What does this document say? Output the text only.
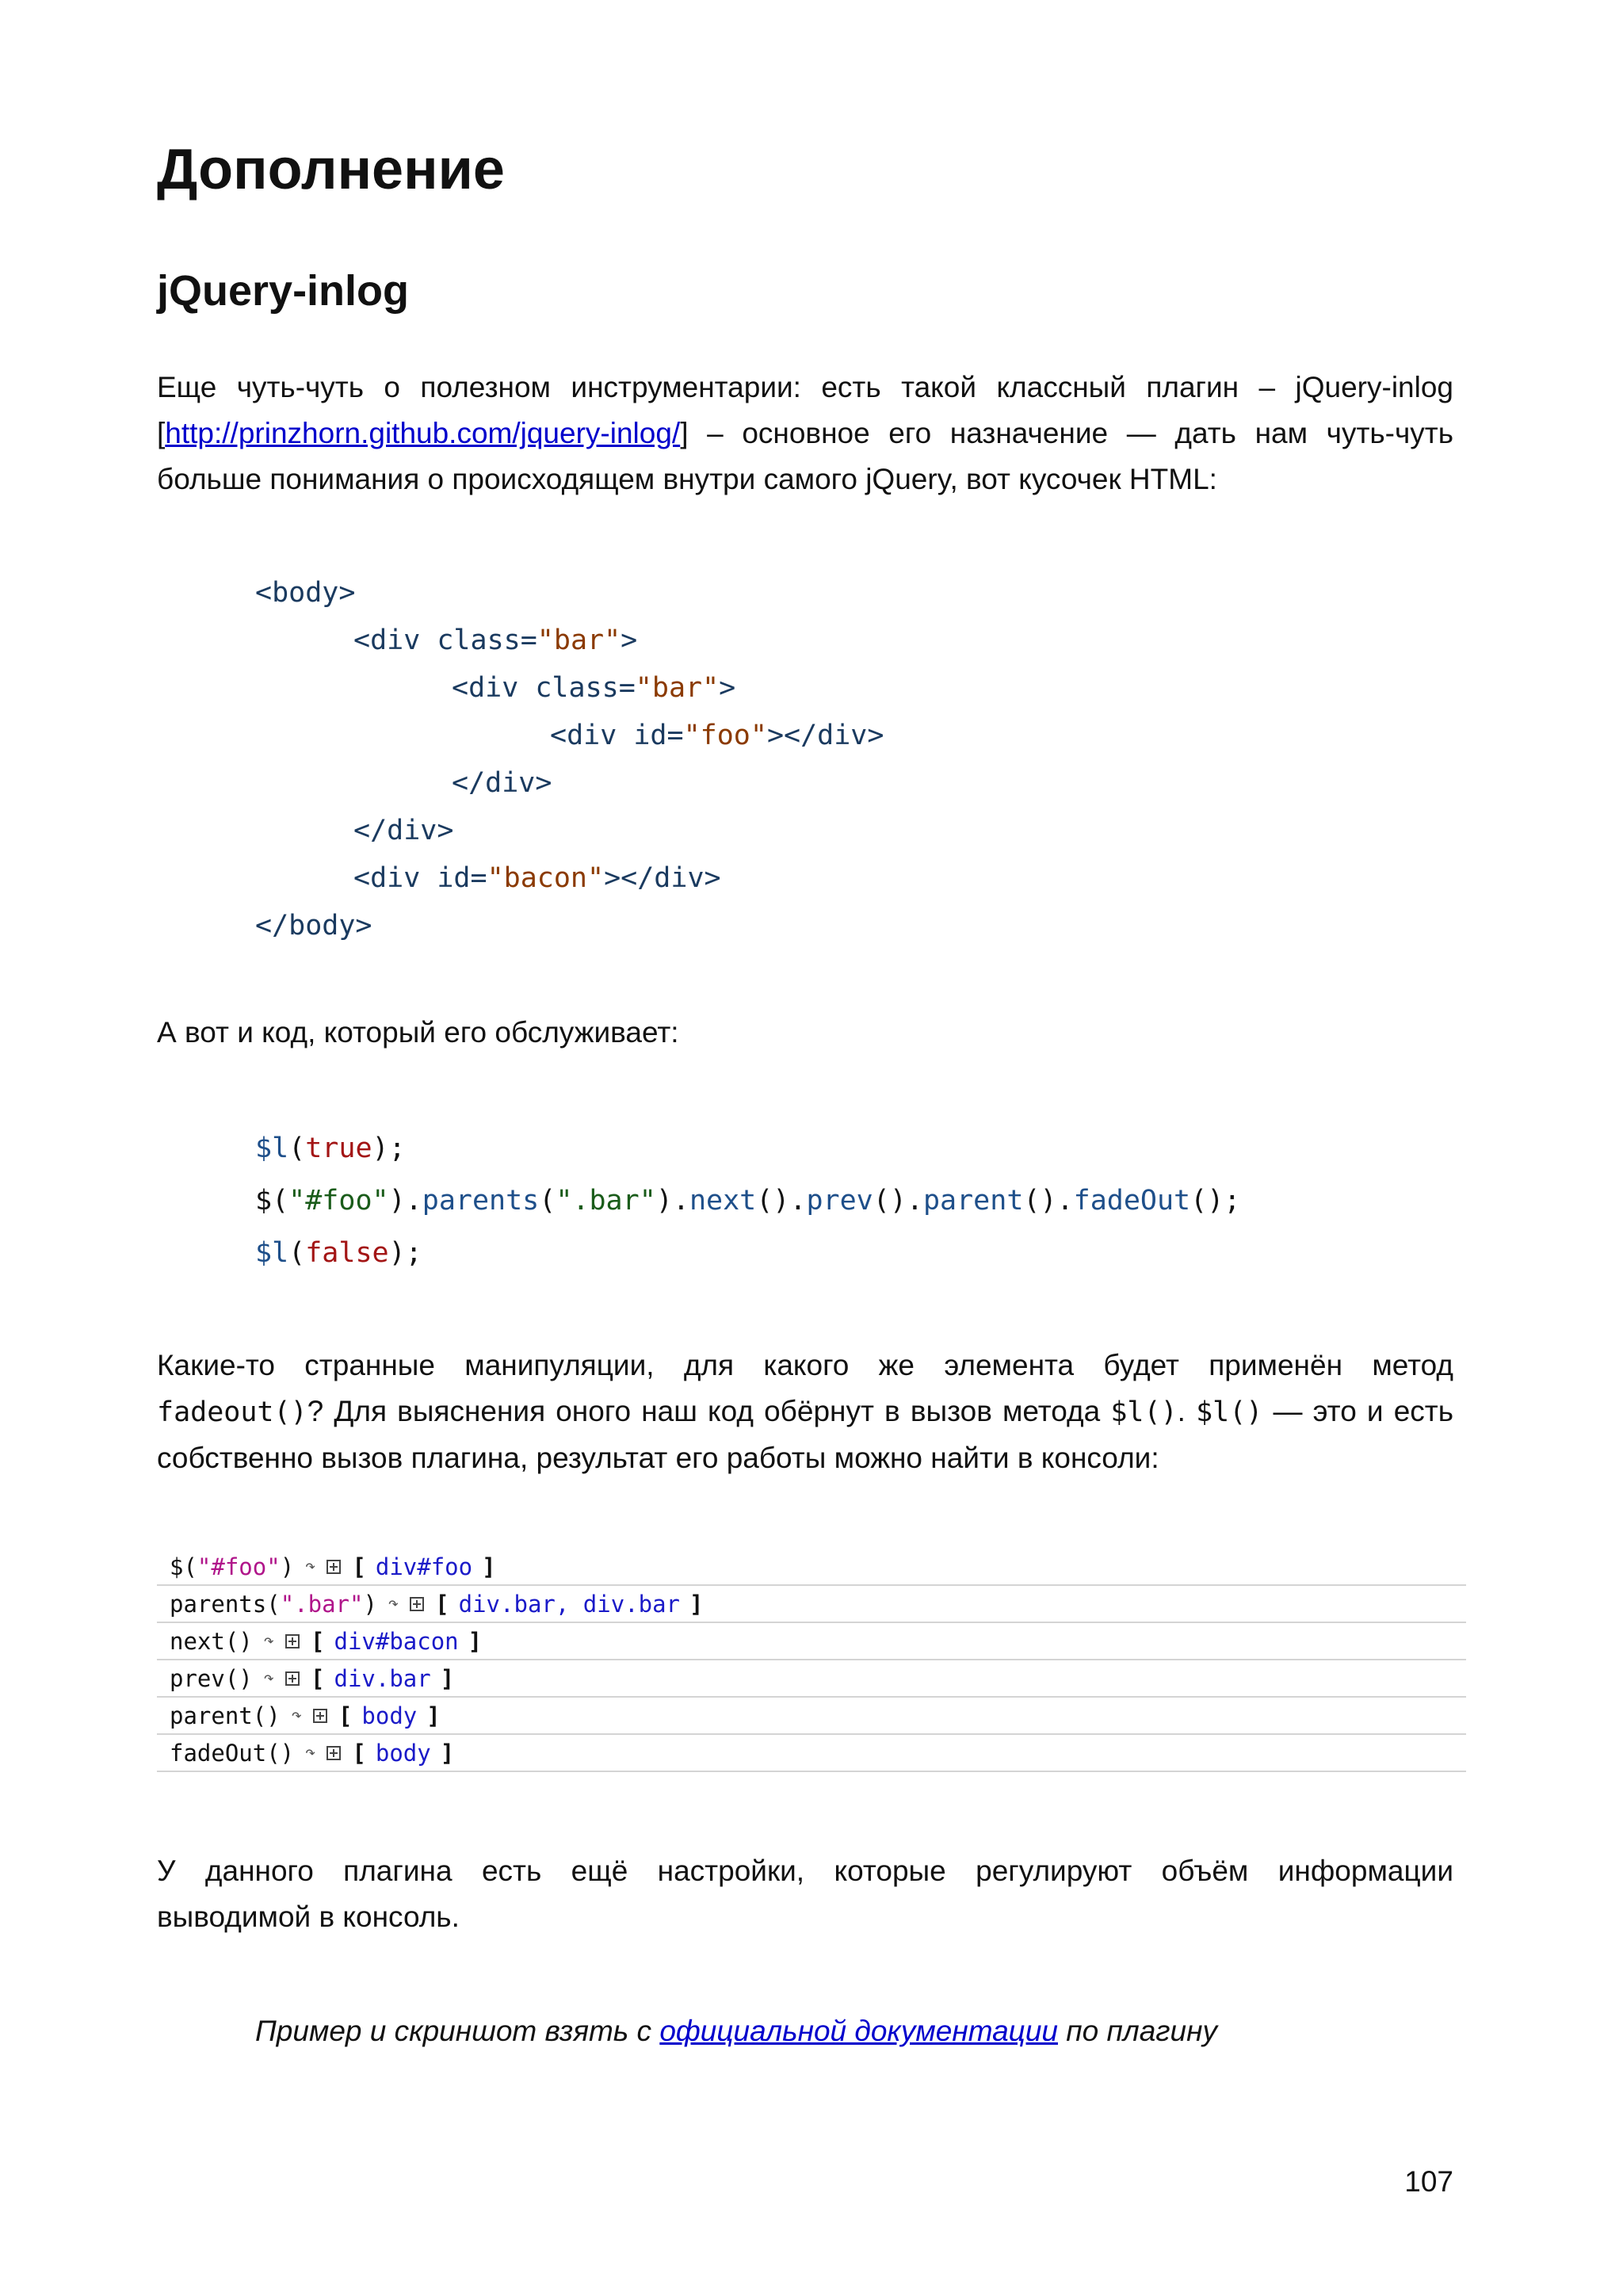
Дополнение
jQuery-inlog
Еще чуть-чуть о полезном инструментарии: есть такой классный плагин – jQuery-inlog
[http://prinzhorn.github.com/jquery-inlog/] – основное его назначение — дать нам чуть-чуть
больше понимания о происходящем внутри самого jQuery, вот кусочек HTML:
<body>
<div class="bar">
<div class="bar">
<div id="foo"></div>
</div>
</div>
<div id="bacon"></div>
</body>
А вот и код, который его обслуживает:
$l(true);
$("#foo").parents(".bar").next().prev().parent().fadeOut();
$l(false);
Какие-то странные манипуляции, для какого же элемента будет применён метод
fadeout()? Для выяснения оного наш код обёрнут в вызов метода $l(). $l() — это и есть
собственно вызов плагина, результат его работы можно найти в консоли:
$( "#foo" ) ↷ [ div#foo ]
parents( ".bar" ) ↷ [ div.bar, div.bar ]
next() ↷ [ div#bacon ]
prev() ↷ [ div.bar ]
parent() ↷ [ body ]
fadeOut() ↷ [ body ]
У данного плагина есть ещё настройки, которые регулируют объём информации
выводимой в консоль.
Пример и скриншот взять с официальной документации по плагину
107
